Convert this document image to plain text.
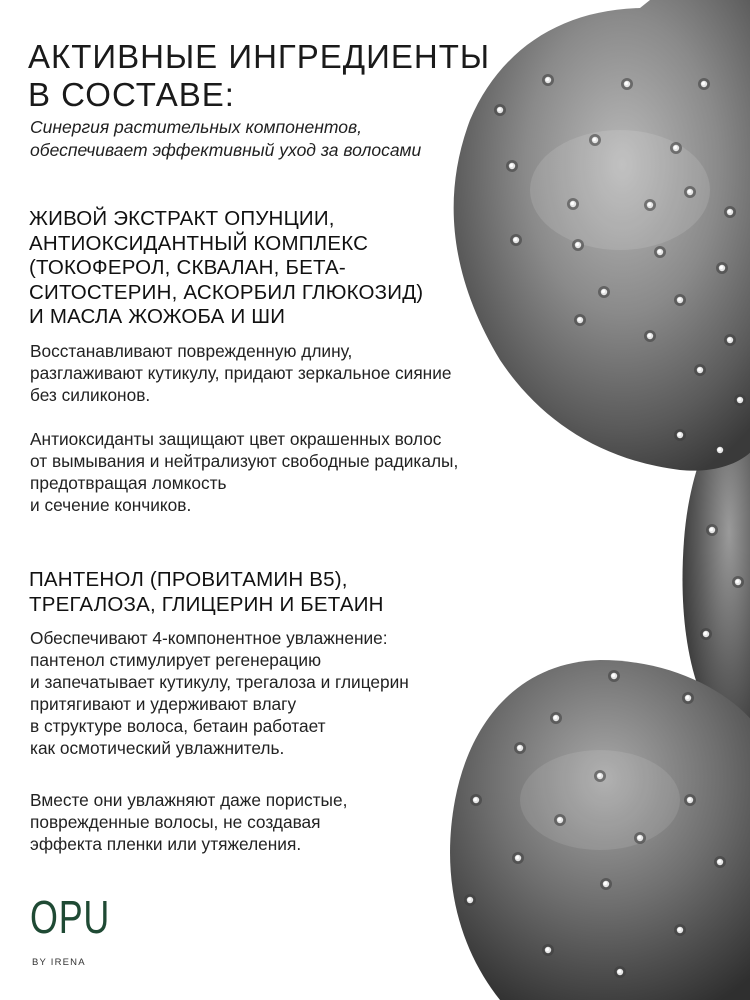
АКТИВНЫЕ ИНГРЕДИЕНТЫ
В СОСТАВЕ:

Синергия растительных компонентов,
обеспечивает эффективный уход за волосами

ЖИВОЙ ЭКСТРАКТ ОПУНЦИИ,
АНТИОКСИДАНТНЫЙ КОМПЛЕКС
(ТОКОФЕРОЛ, СКВАЛАН, БЕТА-
СИТОСТЕРИН, АСКОРБИЛ ГЛЮКОЗИД)
И МАСЛА ЖОЖОБА И ШИ

Восстанавливают поврежденную длину,
разглаживают кутикулу, придают зеркальное сияние
без силиконов.

Антиоксиданты защищают цвет окрашенных волос
от вымывания и нейтрализуют свободные радикалы,
предотвращая ломкость
и сечение кончиков.

ПАНТЕНОЛ (ПРОВИТАМИН B5),
ТРЕГАЛОЗА, ГЛИЦЕРИН И БЕТАИН

Обеспечивают 4-компонентное увлажнение:
пантенол стимулирует регенерацию
и запечатывает кутикулу, трегалоза и глицерин
притягивают и удерживают влагу
в структуре волоса, бетаин работает
как осмотический увлажнитель.

Вместе они увлажняют даже пористые,
поврежденные волосы, не создавая
эффекта пленки или утяжеления.

OPU
BY IRENA
